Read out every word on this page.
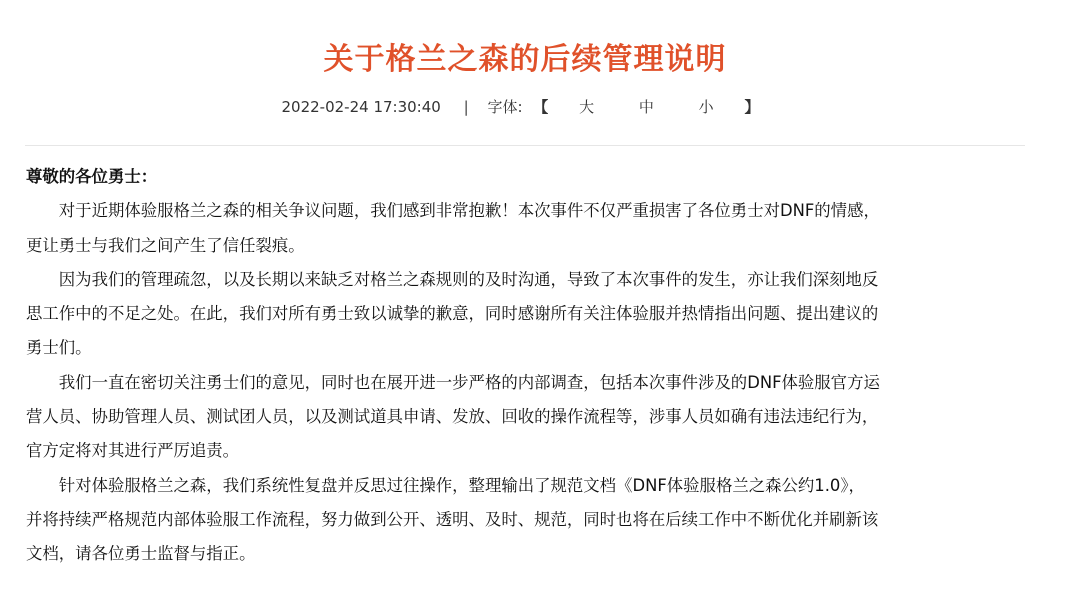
关于格兰之森的后续管理说明
2022-02-24 17:30:40 | 字体: 【 大	中	小 】

尊敬的各位勇士：

对于近期体验服格兰之森的相关争议问题，我们感到非常抱歉！本次事件不仅严重损害了各位勇士对DNF的情感，
更让勇士与我们之间产生了信任裂痕。

因为我们的管理疏忽，以及长期以来缺乏对格兰之森规则的及时沟通，导致了本次事件的发生，亦让我们深刻地反
思工作中的不足之处。在此，我们对所有勇士致以诚挚的歉意，同时感谢所有关注体验服并热情指出问题、提出建议的
勇士们。

我们一直在密切关注勇士们的意见，同时也在展开进一步严格的内部调查，包括本次事件涉及的DNF体验服官方运
营人员、协助管理人员、测试团人员，以及测试道具申请、发放、回收的操作流程等，涉事人员如确有违法违纪行为，
官方定将对其进行严厉追责。

针对体验服格兰之森，我们系统性复盘并反思过往操作，整理输出了规范文档《DNF体验服格兰之森公约1.0》，
并将持续严格规范内部体验服工作流程，努力做到公开、透明、及时、规范，同时也将在后续工作中不断优化并刷新该
文档，请各位勇士监督与指正。
